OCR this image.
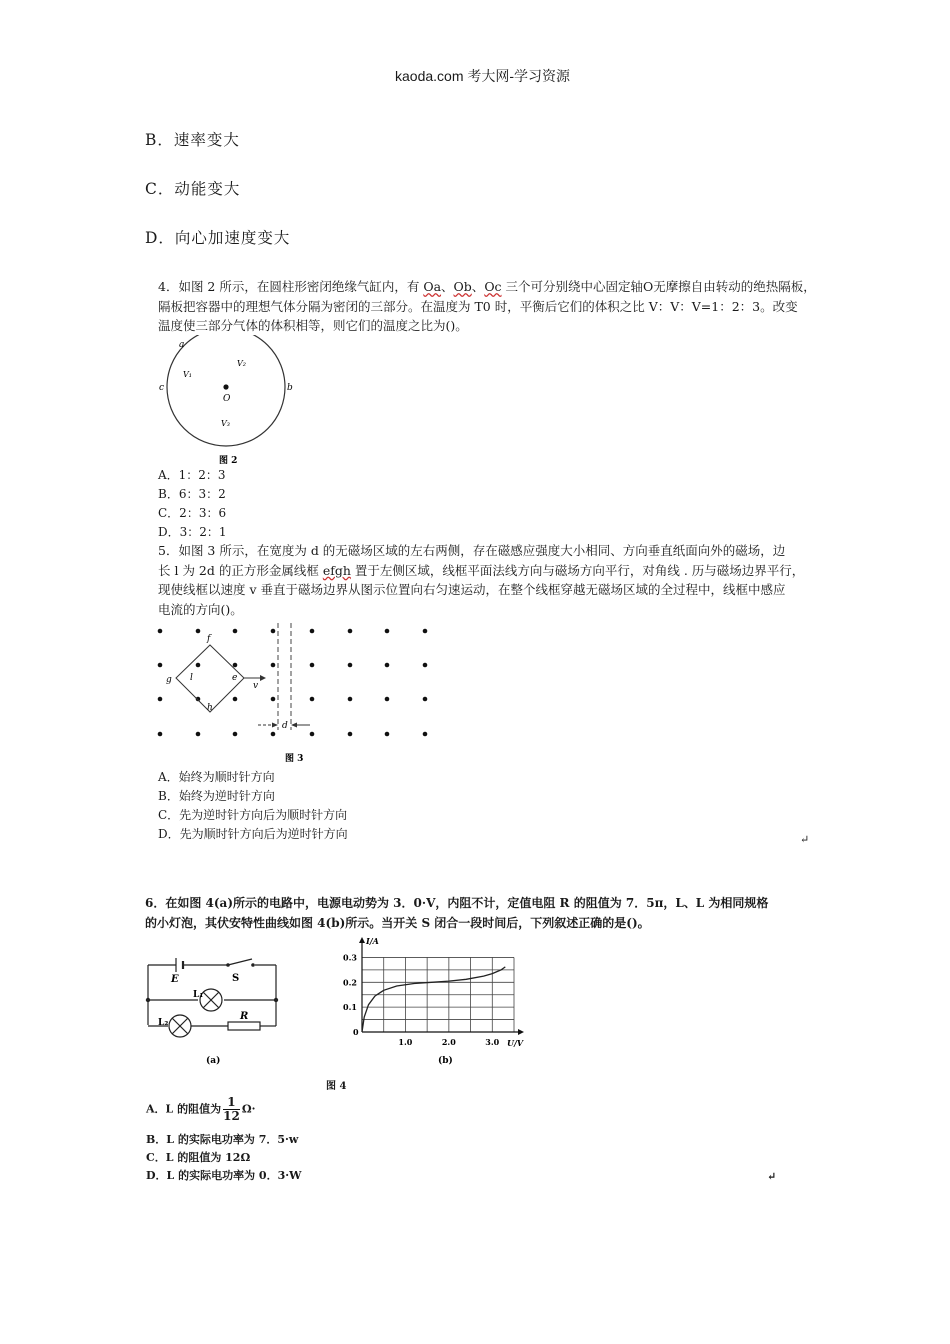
kaoda.com 考大网-学习资源
B．速率变大
C．动能变大
D．向心加速度变大
4．如图 2 所示，在圆柱形密闭绝缘气缸内，有 Oa、Ob、Oc 三个可分别绕中心固定轴O无摩擦自由转动的绝热隔板，
隔板把容器中的理想气体分隔为密闭的三部分。在温度为 T0 时，平衡后它们的体积之比 V：V：V=1：2：3。改变
温度使三部分气体的体积相等，则它们的温度之比为()。
a
b
c
O
V₁
V₂
V₃
图 2
A．1：2：3
B．6：3：2
C．2：3：6
D．3：2：1
5．如图 3 所示，在宽度为 d 的无磁场区域的左右两侧，存在磁感应强度大小相同、方向垂直纸面向外的磁场，边
长 l 为 2d 的正方形金属线框 efgh 置于左侧区域，线框平面法线方向与磁场方向平行，对角线 . 历与磁场边界平行，
现使线框以速度 v 垂直于磁场边界从图示位置向右匀速运动，在整个线框穿越无磁场区域的全过程中，线框中感应
电流的方向()。
f
e
g
h
l
v
d
图 3
A．始终为顺时针方向
B．始终为逆时针方向
C．先为逆时针方向后为顺时针方向
D．先为顺时针方向后为逆时针方向	↵
6．在如图 4(a)所示的电路中，电源电动势为 3．0·V，内阻不计，定值电阻 R 的阻值为 7．5π，L、L 为相同规格
的小灯泡，其伏安特性曲线如图 4(b)所示。当开关 S 闭合一段时间后，下列叙述正确的是()。
E	S
L₁
L₂
R
(a)
1.0	2.0	3.0
0.3
0.2
0.1
0
I/A
U/V
(b)
图 4
A．L 的阻值为 $\frac{1}{12} \Omega\cdot$
B．L 的实际电功率为 7．5·w
C．L 的阻值为 12Ω
D．L 的实际电功率为 0．3·W	↵
